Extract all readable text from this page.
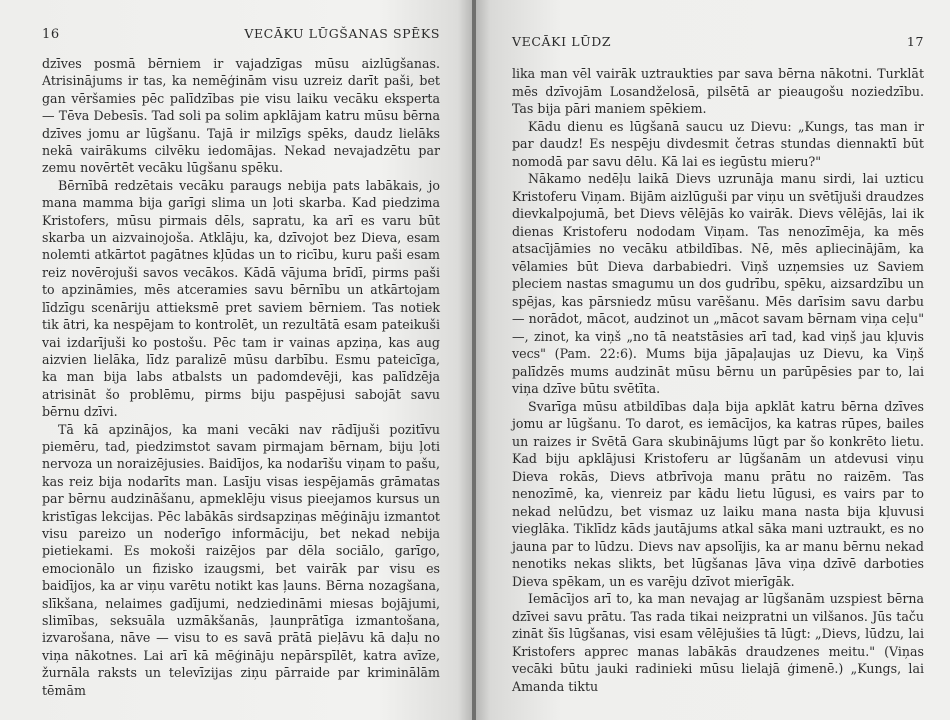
16	VECĀKU LŪGŠANAS SPĒKS

dzīves posmā bērniem ir vajadzīgas mūsu aizlūgšanas. Atrisinājums ir tas, ka nemēģinām visu uzreiz darīt paši, bet gan vēršamies pēc palīdzības pie visu laiku vecāku eksperta — Tēva Debesīs. Tad soli pa solim apklājam katru mūsu bērna dzīves jomu ar lūgšanu. Tajā ir milzīgs spēks, daudz lielāks nekā vairākums cilvēku iedomājas. Nekad nevajadzētu par zemu novērtēt vecāku lūgšanu spēku.

Bērnībā redzētais vecāku paraugs nebija pats labākais, jo mana mamma bija garīgi slima un ļoti skarba. Kad piedzima Kristofers, mūsu pirmais dēls, sapratu, ka arī es varu būt skarba un aizvainojoša. Atklāju, ka, dzīvojot bez Dieva, esam nolemti atkārtot pagātnes kļūdas un to ricību, kuru paši esam reiz novērojuši savos vecākos. Kādā vājuma brīdī, pirms paši to apzināmies, mēs atceramies savu bērnību un atkārtojam līdzīgu scenāriju attieksmē pret saviem bērniem. Tas notiek tik ātri, ka nespējam to kontrolēt, un rezultātā esam pateikuši vai izdarījuši ko postošu. Pēc tam ir vainas apziņa, kas aug aizvien lielāka, līdz paralizē mūsu darbību. Esmu pateicīga, ka man bija labs atbalsts un padomdevēji, kas palīdzēja atrisināt šo problēmu, pirms biju paspējusi sabojāt savu bērnu dzīvi.

Tā kā apzinājos, ka mani vecāki nav rādījuši pozitīvu piemēru, tad, piedzimstot savam pirmajam bērnam, biju ļoti nervoza un noraizējusies. Baidījos, ka nodarīšu viņam to pašu, kas reiz bija nodarīts man. Lasīju visas iespējamās grāmatas par bērnu audzināšanu, apmeklēju visus pieejamos kursus un kristīgas lekcijas. Pēc labākās sirdsapziņas mēģināju izmantot visu pareizo un noderīgo informāciju, bet nekad nebija pietiekami. Es mokoši raizējos par dēla sociālo, garīgo, emocionālo un fizisko izaugsmi, bet vairāk par visu es baidījos, ka ar viņu varētu notikt kas ļauns. Bērna nozagšana, slīkšana, nelaimes gadījumi, nedziedināmi miesas bojājumi, slimības, seksuāla uzmākšanās, ļaunprātīga izmantošana, izvarošana, nāve — visu to es savā prātā pieļāvu kā daļu no viņa nākotnes. Lai arī kā mēģināju nepārspīlēt, katra avīze, žurnāla raksts un televīzijas ziņu pārraide par kriminālām tēmām

VECĀKI LŪDZ	17

lika man vēl vairāk uztraukties par sava bērna nākotni. Turklāt mēs dzīvojām Losandželosā, pilsētā ar pieaugošu noziedzību. Tas bija pāri maniem spēkiem.

Kādu dienu es lūgšanā saucu uz Dievu: „Kungs, tas man ir par daudz! Es nespēju divdesmit četras stundas diennaktī būt nomodā par savu dēlu. Kā lai es iegūstu mieru?"

Nākamo nedēļu laikā Dievs uzrunāja manu sirdi, lai uzticu Kristoferu Viņam. Bijām aizlūguši par viņu un svētījuši draudzes dievkalpojumā, bet Dievs vēlējās ko vairāk. Dievs vēlējās, lai ik dienas Kristoferu nododam Viņam. Tas nenozīmēja, ka mēs atsacījāmies no vecāku atbildības. Nē, mēs apliecinājām, ka vēlamies būt Dieva darbabiedri. Viņš uzņemsies uz Saviem pleciem nastas smagumu un dos gudrību, spēku, aizsardzību un spējas, kas pārsniedz mūsu varēšanu. Mēs darīsim savu darbu — norādot, mācot, audzinot un „mācot savam bērnam viņa ceļu" —, zinot, ka viņš „no tā neatstāsies arī tad, kad viņš jau kļuvis vecs" (Pam. 22:6). Mums bija jāpaļaujas uz Dievu, ka Viņš palīdzēs mums audzināt mūsu bērnu un parūpēsies par to, lai viņa dzīve būtu svētīta.

Svarīga mūsu atbildības daļa bija apklāt katru bērna dzīves jomu ar lūgšanu. To darot, es iemācījos, ka katras rūpes, bailes un raizes ir Svētā Gara skubinājums lūgt par šo konkrēto lietu. Kad biju apklājusi Kristoferu ar lūgšanām un atdevusi viņu Dieva rokās, Dievs atbrīvoja manu prātu no raizēm. Tas nenozīmē, ka, vienreiz par kādu lietu lūgusi, es vairs par to nekad nelūdzu, bet vismaz uz laiku mana nasta bija kļuvusi vieglāka. Tiklīdz kāds jautājums atkal sāka mani uztraukt, es no jauna par to lūdzu. Dievs nav apsolījis, ka ar manu bērnu nekad nenotiks nekas slikts, bet lūgšanas ļāva viņa dzīvē darboties Dieva spēkam, un es varēju dzīvot mierīgāk.

Iemācījos arī to, ka man nevajag ar lūgšanām uzspiest bērna dzīvei savu prātu. Tas rada tikai neizpratni un vilšanos. Jūs taču zināt šīs lūgšanas, visi esam vēlējušies tā lūgt: „Dievs, lūdzu, lai Kristofers apprec manas labākās draudzenes meitu." (Viņas vecāki būtu jauki radinieki mūsu lielajā ģimenē.) „Kungs, lai Amanda tiktu
